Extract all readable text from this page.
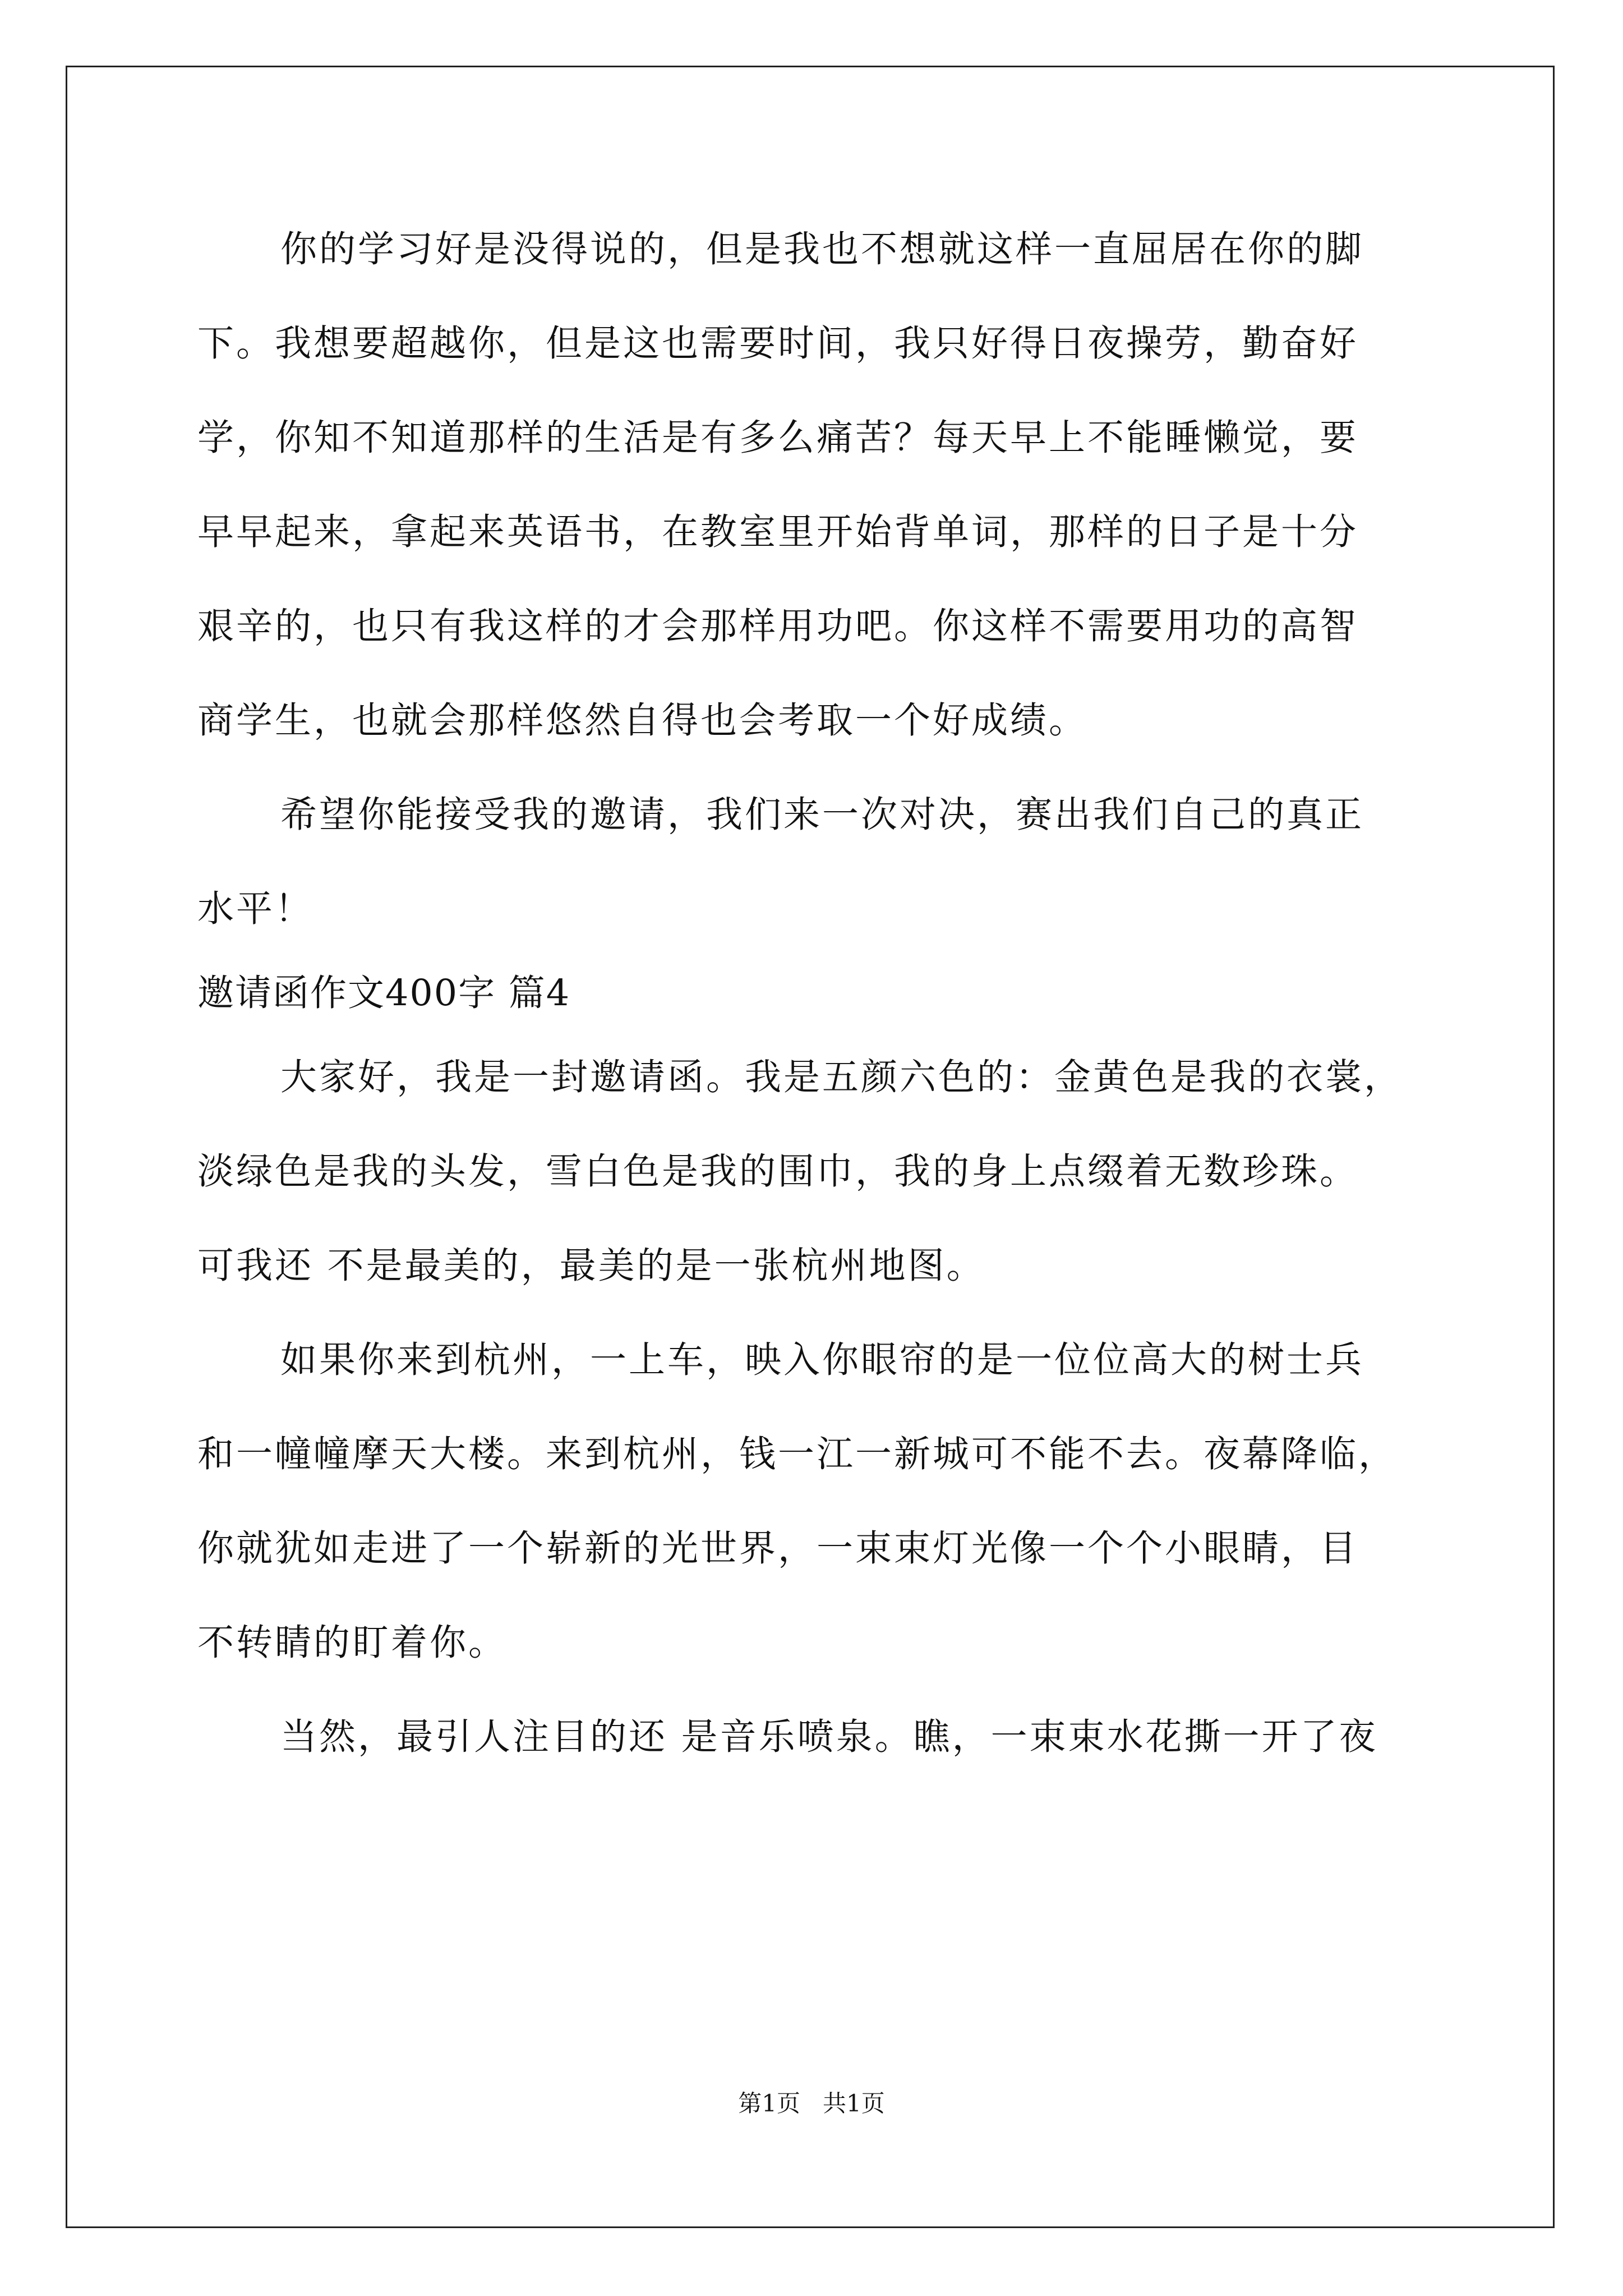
你的学习好是没得说的，但是我也不想就这样一直屈居在你的脚
下。我想要超越你，但是这也需要时间，我只好得日夜操劳，勤奋好
学，你知不知道那样的生活是有多么痛苦？每天早上不能睡懒觉，要
早早起来，拿起来英语书，在教室里开始背单词，那样的日子是十分
艰辛的，也只有我这样的才会那样用功吧。你这样不需要用功的高智
商学生，也就会那样悠然自得也会考取一个好成绩。
希望你能接受我的邀请，我们来一次对决，赛出我们自己的真正
水平！
邀请函作文400字 篇4
大家好，我是一封邀请函。我是五颜六色的：金黄色是我的衣裳，
淡绿色是我的头发，雪白色是我的围巾，我的身上点缀着无数珍珠。
可我还 不是最美的，最美的是一张杭州地图。
如果你来到杭州，一上车，映入你眼帘的是一位位高大的树士兵
和一幢幢摩天大楼。来到杭州，钱一江一新城可不能不去。夜幕降临，
你就犹如走进了一个崭新的光世界，一束束灯光像一个个小眼睛，目
不转睛的盯着你。
当然，最引人注目的还 是音乐喷泉。瞧，一束束水花撕一开了夜
第1页   共1页
